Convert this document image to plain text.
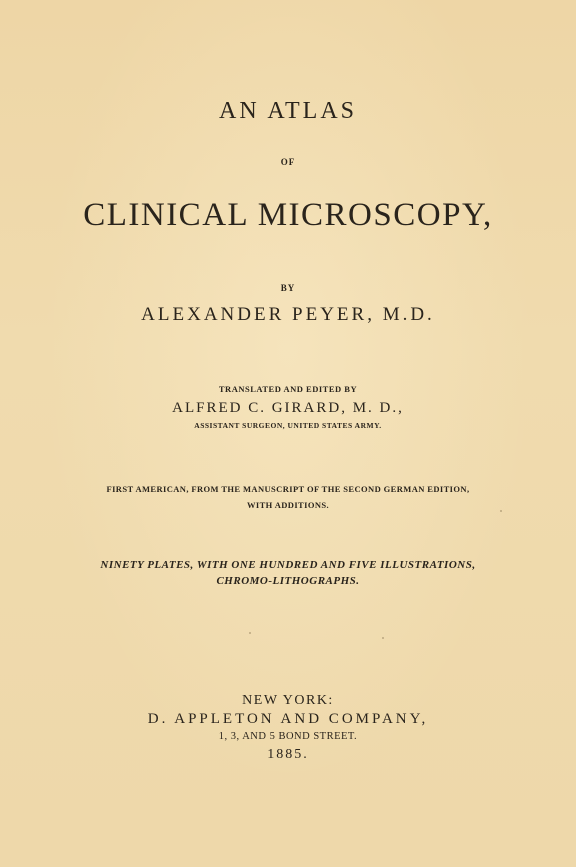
AN ATLAS
OF
CLINICAL MICROSCOPY,
BY
ALEXANDER PEYER, M.D.
TRANSLATED AND EDITED BY
ALFRED C. GIRARD, M. D.,
ASSISTANT SURGEON, UNITED STATES ARMY.
FIRST AMERICAN, FROM THE MANUSCRIPT OF THE SECOND GERMAN EDITION,
WITH ADDITIONS.
NINETY PLATES, WITH ONE HUNDRED AND FIVE ILLUSTRATIONS,
CHROMO-LITHOGRAPHS.
NEW YORK:
D. APPLETON AND COMPANY,
1, 3, AND 5 BOND STREET.
1885.
